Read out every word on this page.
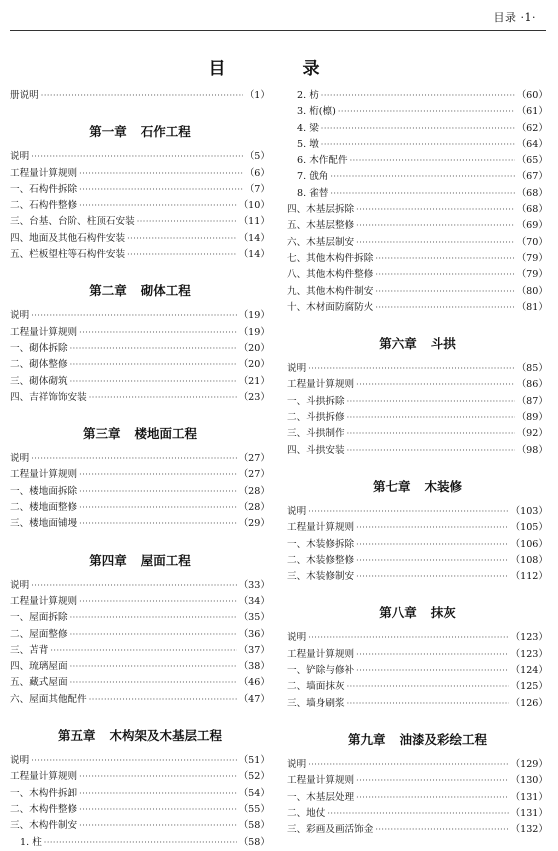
目录 ·1·
目　录
册说明 ·····	（1）
第一章 石作工程
说明 ·····	（5）
工程量计算规则 ·····	（6）
一、石构件拆除 ·····	（7）
二、石构件整修 ·····	（10）
三、台基、台阶、柱顶石安装 ·····	（11）
四、地面及其他石构件安装 ·····	（14）
五、栏板望柱等石构件安装 ·····	（14）
第二章 砌体工程
说明 ·····	（19）
工程量计算规则 ·····	（19）
一、砌体拆除 ·····	（20）
二、砌体整修 ·····	（20）
三、砌体砌筑 ·····	（21）
四、吉祥饰饰安装 ·····	（23）
第三章 楼地面工程
说明 ·····	（27）
工程量计算规则 ·····	（27）
一、楼地面拆除 ·····	（28）
二、楼地面整修 ·····	（28）
三、楼地面铺墁 ·····	（29）
第四章 屋面工程
说明 ·····	（33）
工程量计算规则 ·····	（34）
一、屋面拆除 ·····	（35）
二、屋面整修 ·····	（36）
三、苫背 ·····	（37）
四、琉璃屋面 ·····	（38）
五、藏式屋面 ·····	（46）
六、屋面其他配件 ·····	（47）
第五章 木构架及木基层工程
说明 ·····	（51）
工程量计算规则 ·····	（52）
一、木构件拆卸 ·····	（54）
二、木构件整修 ·····	（55）
三、木构件制安 ·····	（58）
1. 柱 ·····	（58）
2. 枋 ·····	（60）
3. 桁(檩) ·····	（61）
4. 梁 ·····	（62）
5. 墩 ·····	（64）
6. 木作配件 ·····	（65）
7. 戗角 ·····	（67）
8. 雀替 ·····	（68）
四、木基层拆除 ·····	（68）
五、木基层整修 ·····	（69）
六、木基层制安 ·····	（70）
七、其他木构件拆除 ·····	（79）
八、其他木构件整修 ·····	（79）
九、其他木构件制安 ·····	（80）
十、木材面防腐防火 ·····	（81）
第六章 斗拱
说明 ·····	（85）
工程量计算规则 ·····	（86）
一、斗拱拆除 ·····	（87）
二、斗拱拆修 ·····	（89）
三、斗拱制作 ·····	（92）
四、斗拱安装 ·····	（98）
第七章 木装修
说明 ·····	（103）
工程量计算规则 ·····	（105）
一、木装修拆除 ·····	（106）
二、木装修整修 ·····	（108）
三、木装修制安 ·····	（112）
第八章 抹灰
说明 ·····	（123）
工程量计算规则 ·····	（123）
一、铲除与修补 ·····	（124）
二、墙面抹灰 ·····	（125）
三、墙身刷浆 ·····	（126）
第九章 油漆及彩绘工程
说明 ·····	（129）
工程量计算规则 ·····	（130）
一、木基层处理 ·····	（131）
二、地仗 ·····	（131）
三、彩画及画活饰金 ·····	（132）
